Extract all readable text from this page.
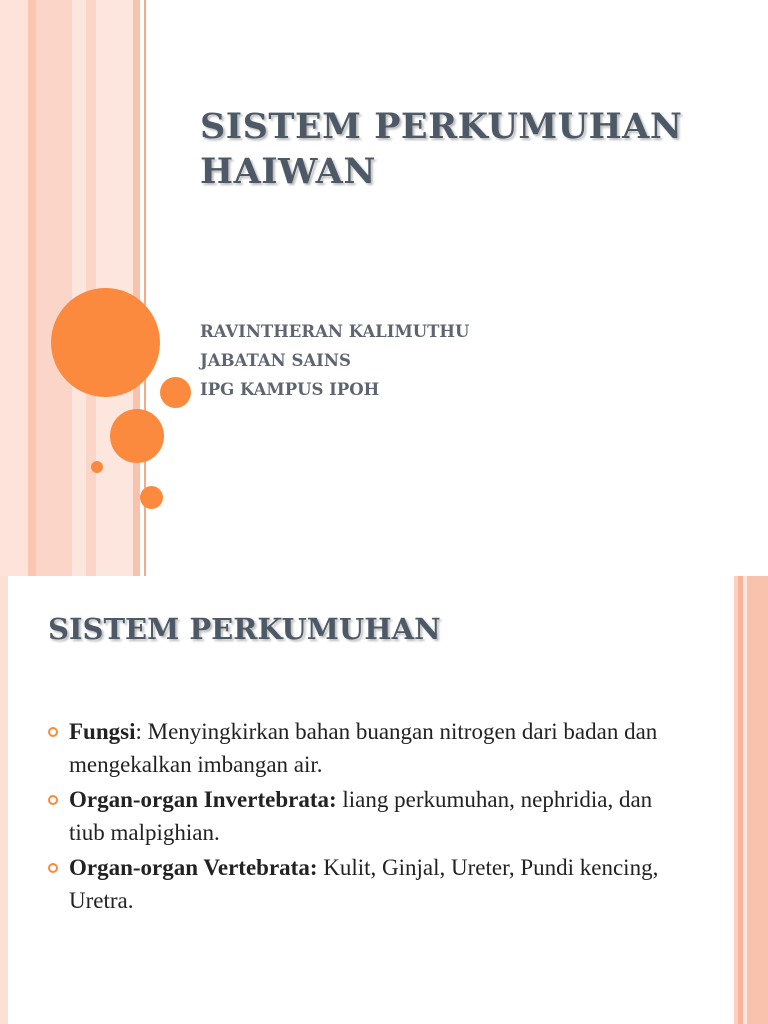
SISTEM PERKUMUHAN HAIWAN
RAVINTHERAN KALIMUTHU
JABATAN SAINS
IPG KAMPUS IPOH
SISTEM PERKUMUHAN
Fungsi: Menyingkirkan bahan buangan nitrogen dari badan dan mengekalkan imbangan air.
Organ-organ Invertebrata: liang perkumuhan, nephridia, dan tiub malpighian.
Organ-organ Vertebrata: Kulit, Ginjal, Ureter, Pundi kencing, Uretra.
